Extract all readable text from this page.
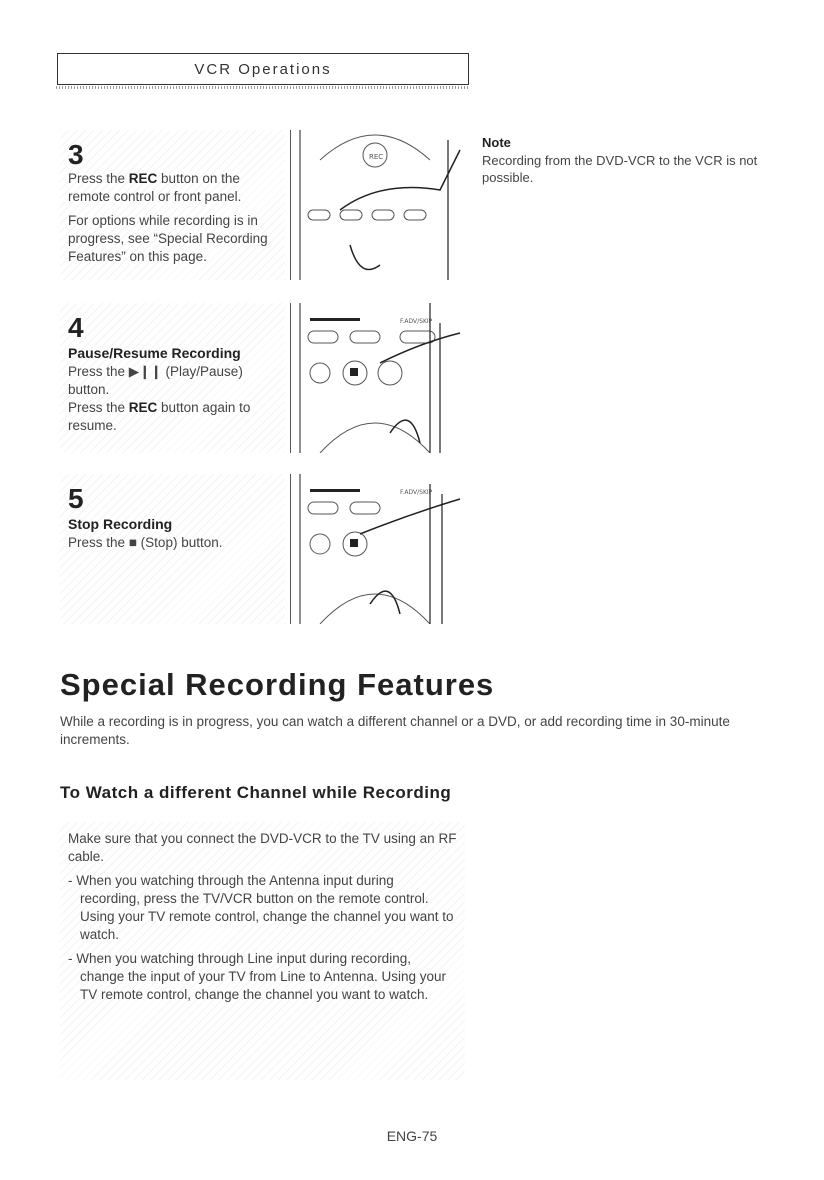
VCR Operations
3

Press the REC button on the remote control or front panel.

For options while recording is in progress, see “Special Recording Features” on this page.

REC
4
Pause/Resume Recording

Press the ▶❙❙ (Play/Pause) button.

Press the REC button again to resume.

F.ADV/SKIP
5
Stop Recording

Press the ■ (Stop) button.

F.ADV/SKIP
Note

Recording from the DVD-VCR to the VCR is not possible.

Special Recording Features

While a recording is in progress, you can watch a different channel or a DVD, or add recording time in 30-minute increments.

To Watch a different Channel while Recording

Make sure that you connect the DVD-VCR to the TV using an RF cable.

- When you watching through the Antenna input during recording, press the TV/VCR button on the remote control. Using your TV remote control, change the channel you want to watch.

- When you watching through Line input during recording, change the input of your TV from Line to Antenna. Using your TV remote control, change the channel you want to watch.

ENG-75
